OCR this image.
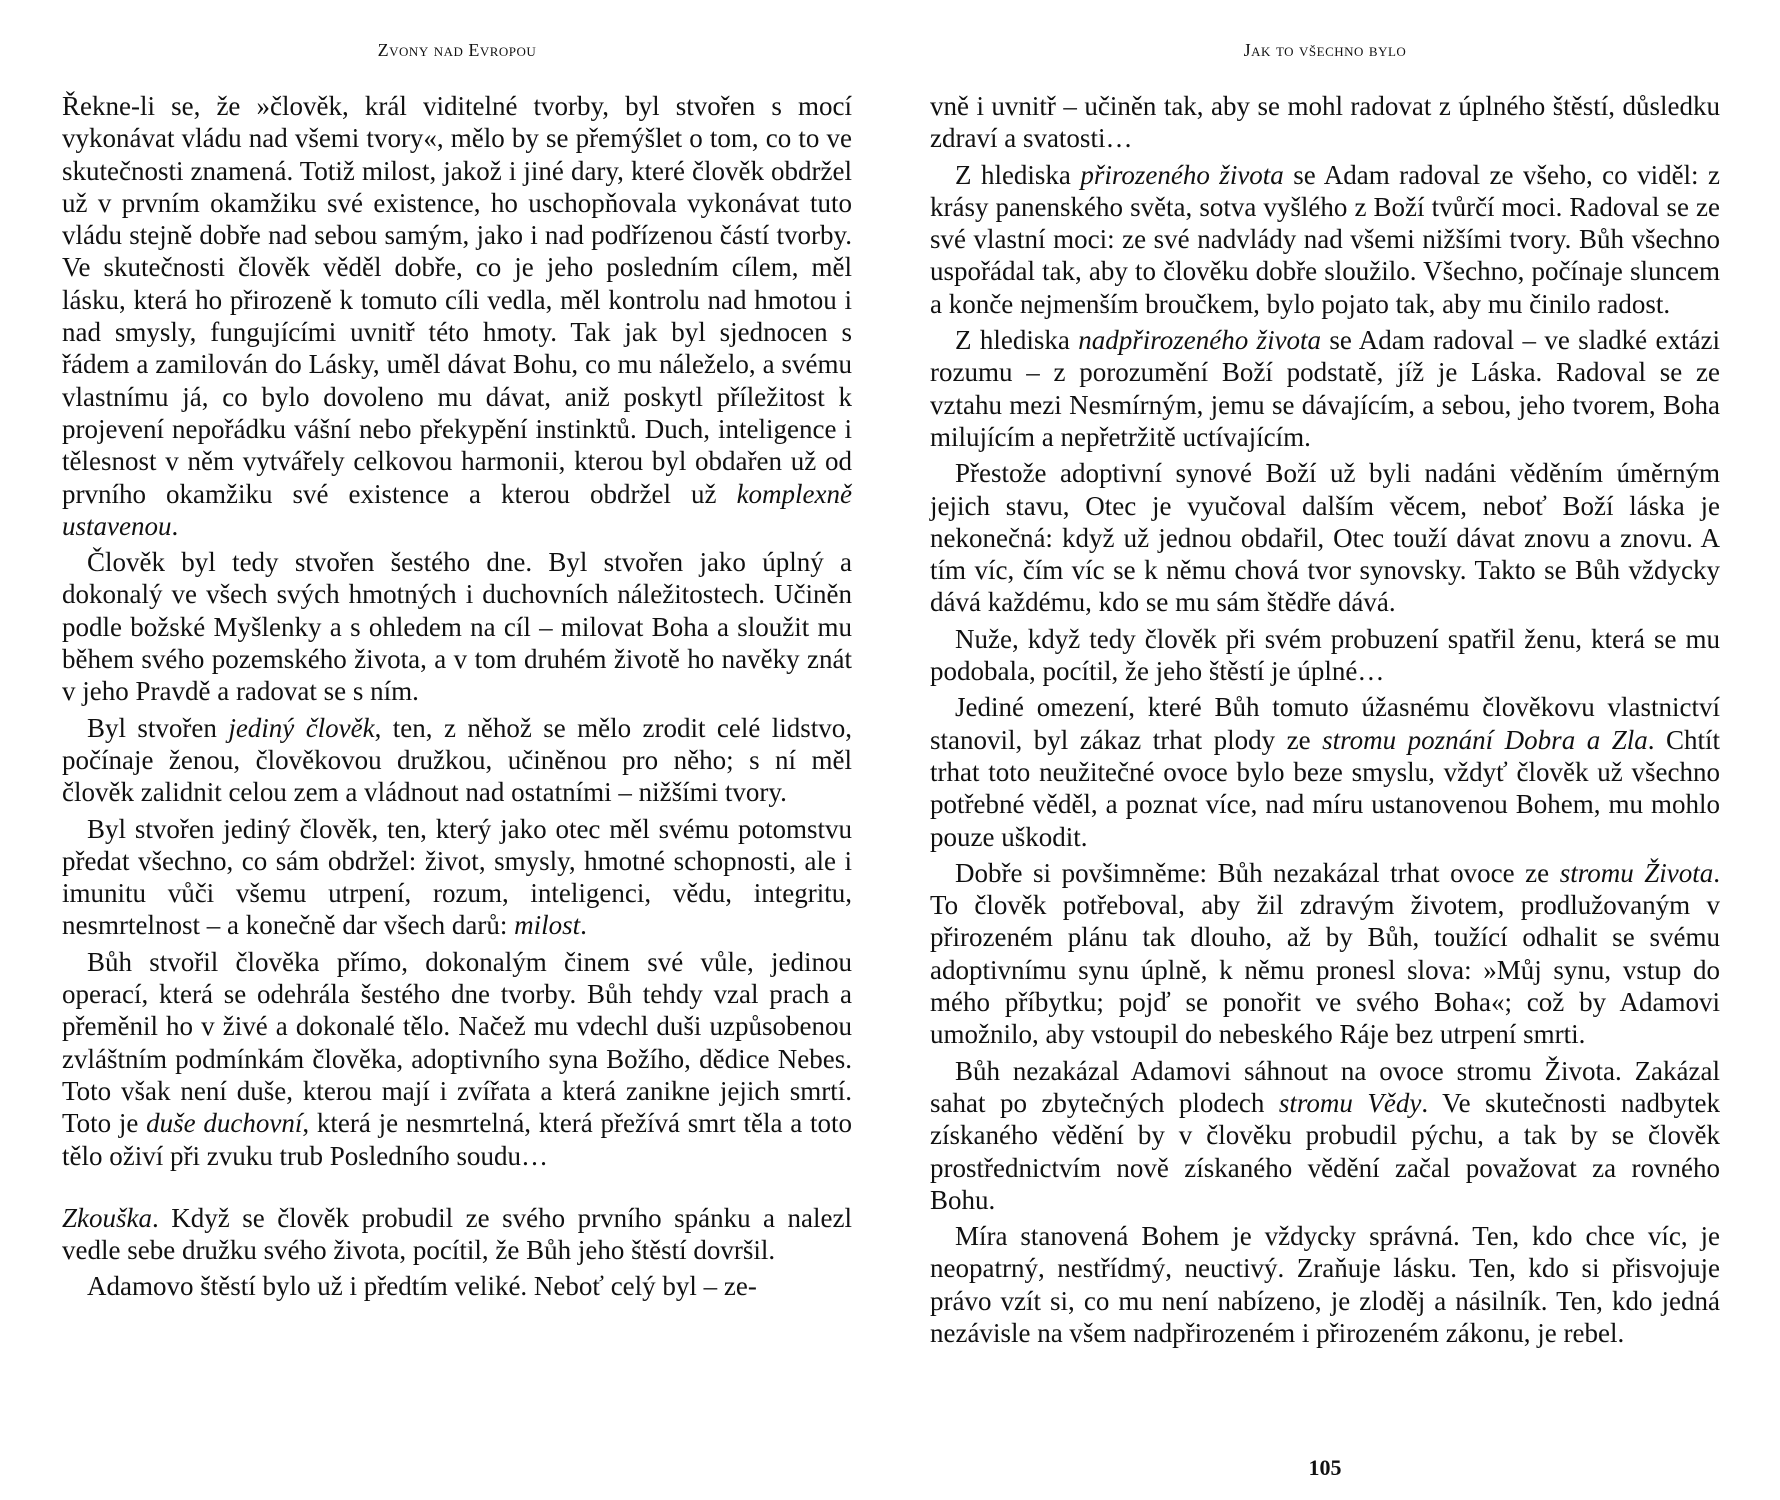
Zvony nad Evropou

Řekne-li se, že »člověk, král viditelné tvorby, byl stvořen s mocí vykonávat vládu nad všemi tvory«, mělo by se přemýšlet o tom, co to ve skutečnosti znamená. Totiž milost, jakož i jiné dary, které člověk obdržel už v prvním okamžiku své existence, ho uschopňovala vykonávat tuto vládu stejně dobře nad sebou samým, jako i nad podřízenou částí tvorby. Ve skutečnosti člověk věděl dobře, co je jeho posledním cílem, měl lásku, která ho přirozeně k tomuto cíli vedla, měl kontrolu nad hmotou i nad smysly, fungujícími uvnitř této hmoty. Tak jak byl sjednocen s řádem a zamilován do Lásky, uměl dávat Bohu, co mu náleželo, a svému vlastnímu já, co bylo dovoleno mu dávat, aniž poskytl příležitost k projevení nepořádku vášní nebo překypění instinktů. Duch, inteligence i tělesnost v něm vytvářely celkovou harmonii, kterou byl obdařen už od prvního okamžiku své existence a kterou obdržel už komplexně ustavenou.

Člověk byl tedy stvořen šestého dne. Byl stvořen jako úplný a dokonalý ve všech svých hmotných i duchovních náležitostech. Učiněn podle božské Myšlenky a s ohledem na cíl – milovat Boha a sloužit mu během svého pozemského života, a v tom druhém životě ho navěky znát v jeho Pravdě a radovat se s ním.

Byl stvořen jediný člověk, ten, z něhož se mělo zrodit celé lidstvo, počínaje ženou, člověkovou družkou, učiněnou pro něho; s ní měl člověk zalidnit celou zem a vládnout nad ostatními – nižšími tvory.

Byl stvořen jediný člověk, ten, který jako otec měl svému potomstvu předat všechno, co sám obdržel: život, smysly, hmotné schopnosti, ale i imunitu vůči všemu utrpení, rozum, inteligenci, vědu, integritu, nesmrtelnost – a konečně dar všech darů: milost.

Bůh stvořil člověka přímo, dokonalým činem své vůle, jedinou operací, která se odehrála šestého dne tvorby. Bůh tehdy vzal prach a přeměnil ho v živé a dokonalé tělo. Načež mu vdechl duši uzpůsobenou zvláštním podmínkám člověka, adoptivního syna Božího, dědice Nebes. Toto však není duše, kterou mají i zvířata a která zanikne jejich smrtí. Toto je duše duchovní, která je nesmrtelná, která přežívá smrt těla a toto tělo oživí při zvuku trub Posledního soudu…

Zkouška. Když se člověk probudil ze svého prvního spánku a nalezl vedle sebe družku svého života, pocítil, že Bůh jeho štěstí dovršil.

Adamovo štěstí bylo už i předtím veliké. Neboť celý byl – ze-

Jak to všechno bylo

vně i uvnitř – učiněn tak, aby se mohl radovat z úplného štěstí, důsledku zdraví a svatosti…

Z hlediska přirozeného života se Adam radoval ze všeho, co viděl: z krásy panenského světa, sotva vyšlého z Boží tvůrčí moci. Radoval se ze své vlastní moci: ze své nadvlády nad všemi nižšími tvory. Bůh všechno uspořádal tak, aby to člověku dobře sloužilo. Všechno, počínaje sluncem a konče nejmenším broučkem, bylo pojato tak, aby mu činilo radost.

Z hlediska nadpřirozeného života se Adam radoval – ve sladké extázi rozumu – z porozumění Boží podstatě, jíž je Láska. Radoval se ze vztahu mezi Nesmírným, jemu se dávajícím, a sebou, jeho tvorem, Boha milujícím a nepřetržitě uctívajícím.

Přestože adoptivní synové Boží už byli nadáni věděním úměrným jejich stavu, Otec je vyučoval dalším věcem, neboť Boží láska je nekonečná: když už jednou obdařil, Otec touží dávat znovu a znovu. A tím víc, čím víc se k němu chová tvor synovsky. Takto se Bůh vždycky dává každému, kdo se mu sám štědře dává.

Nuže, když tedy člověk při svém probuzení spatřil ženu, která se mu podobala, pocítil, že jeho štěstí je úplné…

Jediné omezení, které Bůh tomuto úžasnému člověkovu vlastnictví stanovil, byl zákaz trhat plody ze stromu poznání Dobra a Zla. Chtít trhat toto neužitečné ovoce bylo beze smyslu, vždyť člověk už všechno potřebné věděl, a poznat více, nad míru ustanovenou Bohem, mu mohlo pouze uškodit.

Dobře si povšimněme: Bůh nezakázal trhat ovoce ze stromu Života. To člověk potřeboval, aby žil zdravým životem, prodlužovaným v přirozeném plánu tak dlouho, až by Bůh, toužící odhalit se svému adoptivnímu synu úplně, k němu pronesl slova: »Můj synu, vstup do mého příbytku; pojď se ponořit ve svého Boha«; což by Adamovi umožnilo, aby vstoupil do nebeského Ráje bez utrpení smrti.

Bůh nezakázal Adamovi sáhnout na ovoce stromu Života. Zakázal sahat po zbytečných plodech stromu Vědy. Ve skutečnosti nadbytek získaného vědění by v člověku probudil pýchu, a tak by se člověk prostřednictvím nově získaného vědění začal považovat za rovného Bohu.

Míra stanovená Bohem je vždycky správná. Ten, kdo chce víc, je neopatrný, nestřídmý, neuctivý. Zraňuje lásku. Ten, kdo si přisvojuje právo vzít si, co mu není nabízeno, je zloděj a násilník. Ten, kdo jedná nezávisle na všem nadpřirozeném i přirozeném zákonu, je rebel.

105
